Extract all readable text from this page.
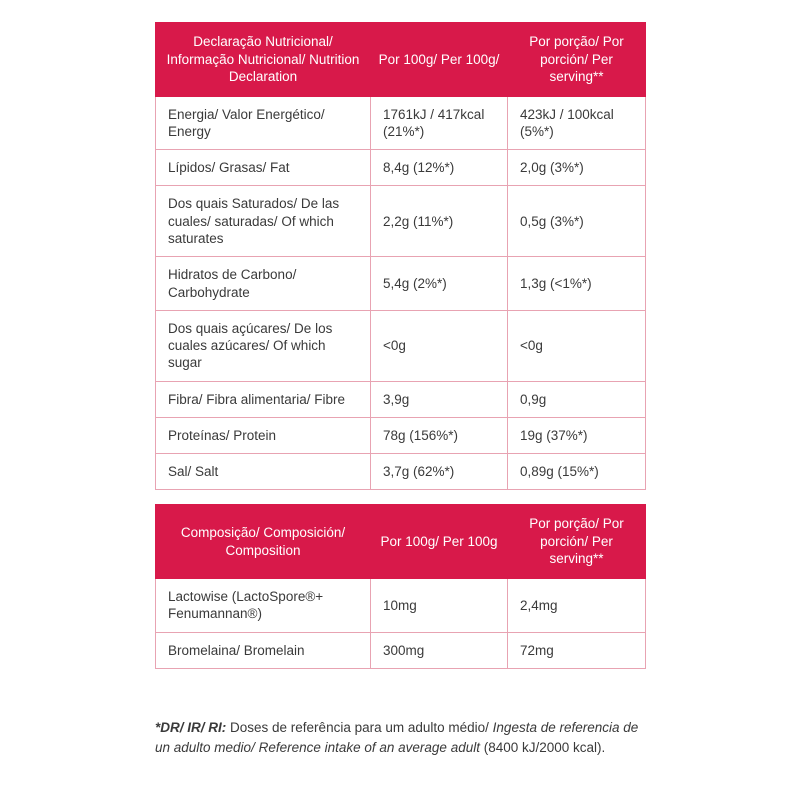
Declaração Nutricional/ Informação Nutricional/ Nutrition Declaration	Por 100g/ Per 100g/	Por porção/ Por porción/ Per serving**
Energia/ Valor Energético/ Energy	1761kJ / 417kcal (21%*)	423kJ / 100kcal (5%*)
Lípidos/ Grasas/ Fat	8,4g (12%*)	2,0g (3%*)
Dos quais Saturados/ De las cuales/ saturadas/ Of which saturates	2,2g (11%*)	0,5g (3%*)
Hidratos de Carbono/ Carbohydrate	5,4g (2%*)	1,3g (<1%*)
Dos quais açúcares/ De los cuales azúcares/ Of which sugar	<0g	<0g
Fibra/ Fibra alimentaria/ Fibre	3,9g	0,9g
Proteínas/ Protein	78g (156%*)	19g (37%*)
Sal/ Salt	3,7g (62%*)	0,89g (15%*)
Composição/ Composición/ Composition	Por 100g/ Per 100g	Por porção/ Por porción/ Per serving**
Lactowise (LactoSpore®+ Fenumannan®)	10mg	2,4mg
Bromelaina/ Bromelain	300mg	72mg
*DR/ IR/ RI: Doses de referência para um adulto médio/ Ingesta de referencia de un adulto medio/ Reference intake of an average adult (8400 kJ/2000 kcal).
